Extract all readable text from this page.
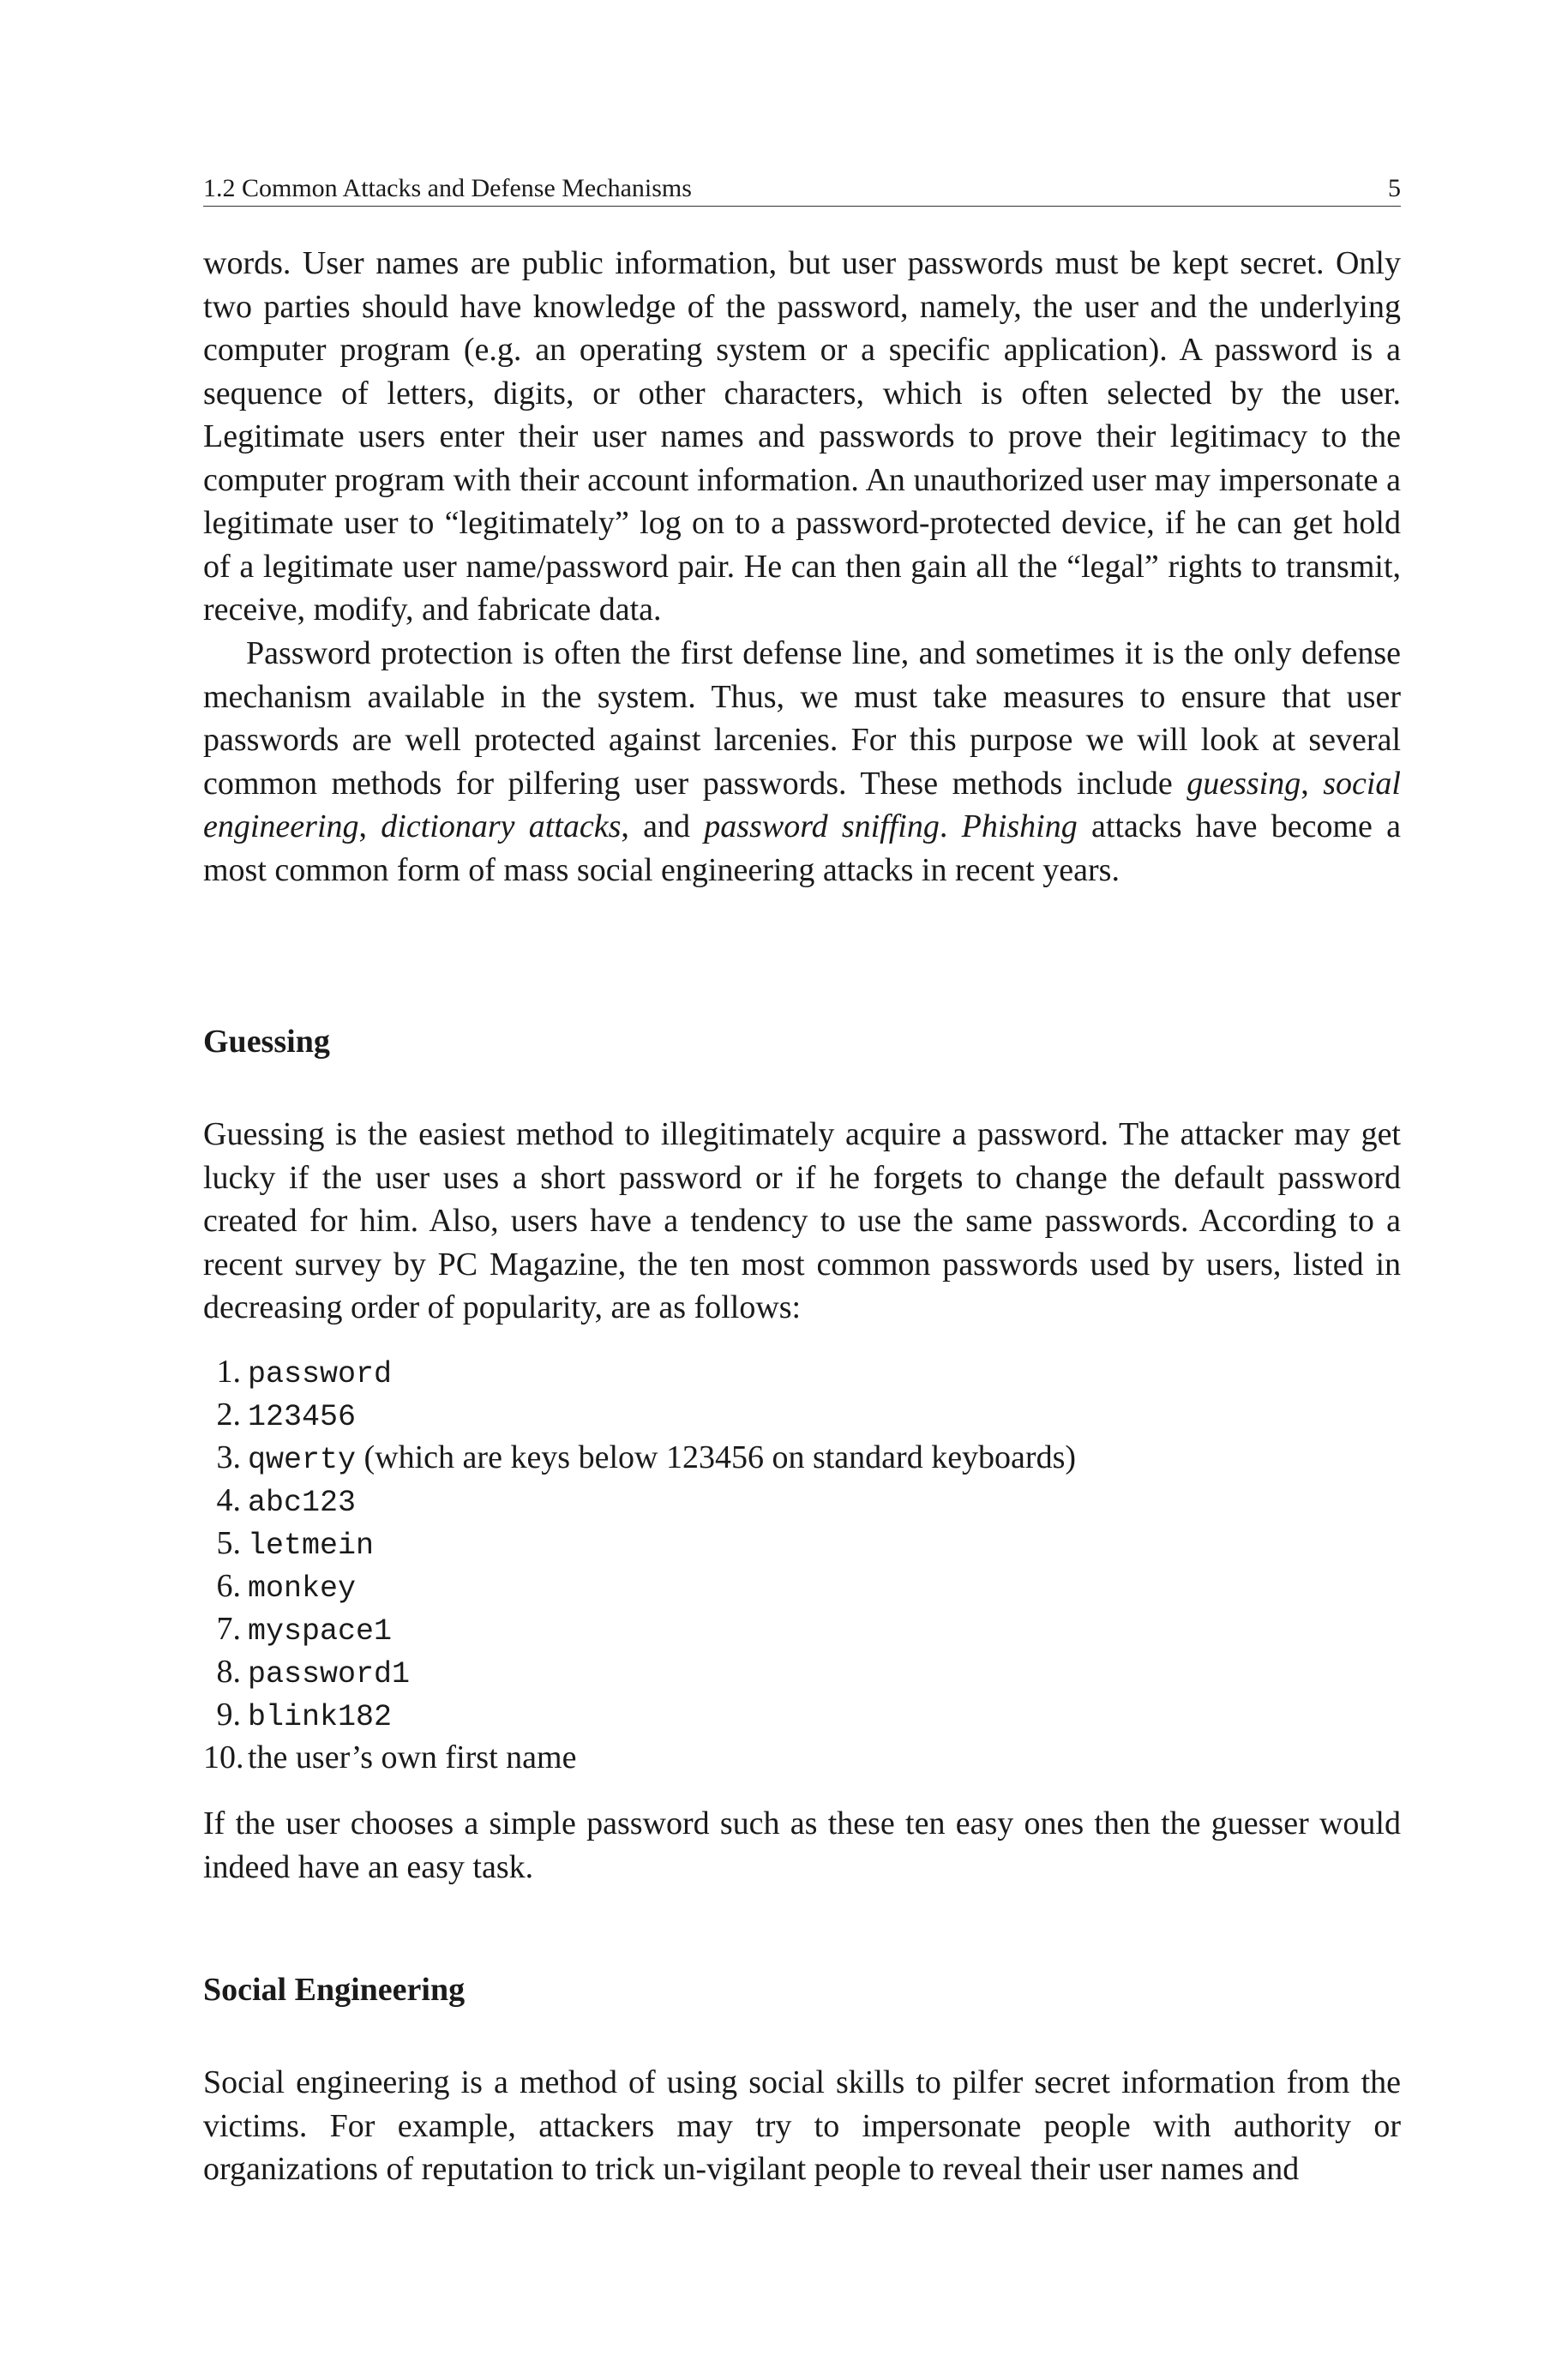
1.2 Common Attacks and Defense Mechanisms	5

words. User names are public information, but user passwords must be kept secret. Only two parties should have knowledge of the password, namely, the user and the underlying computer program (e.g. an operating system or a specific application). A password is a sequence of letters, digits, or other characters, which is often selected by the user. Legitimate users enter their user names and passwords to prove their legitimacy to the computer program with their account information. An unauthorized user may impersonate a legitimate user to “legitimately” log on to a password-protected device, if he can get hold of a legitimate user name/password pair. He can then gain all the “legal” rights to transmit, receive, modify, and fabricate data.

Password protection is often the first defense line, and sometimes it is the only defense mechanism available in the system. Thus, we must take measures to ensure that user passwords are well protected against larcenies. For this purpose we will look at several common methods for pilfering user passwords. These methods include guessing, social engineering, dictionary attacks, and password sniffing. Phishing attacks have become a most common form of mass social engineering attacks in recent years.

Guessing

Guessing is the easiest method to illegitimately acquire a password. The attacker may get lucky if the user uses a short password or if he forgets to change the default password created for him. Also, users have a tendency to use the same passwords. According to a recent survey by PC Magazine, the ten most common passwords used by users, listed in decreasing order of popularity, are as follows:

1. password
2. 123456
3. qwerty (which are keys below 123456 on standard keyboards)
4. abc123
5. letmein
6. monkey
7. myspace1
8. password1
9. blink182
10. the user’s own first name

If the user chooses a simple password such as these ten easy ones then the guesser would indeed have an easy task.

Social Engineering

Social engineering is a method of using social skills to pilfer secret information from the victims. For example, attackers may try to impersonate people with authority or organizations of reputation to trick un-vigilant people to reveal their user names and
